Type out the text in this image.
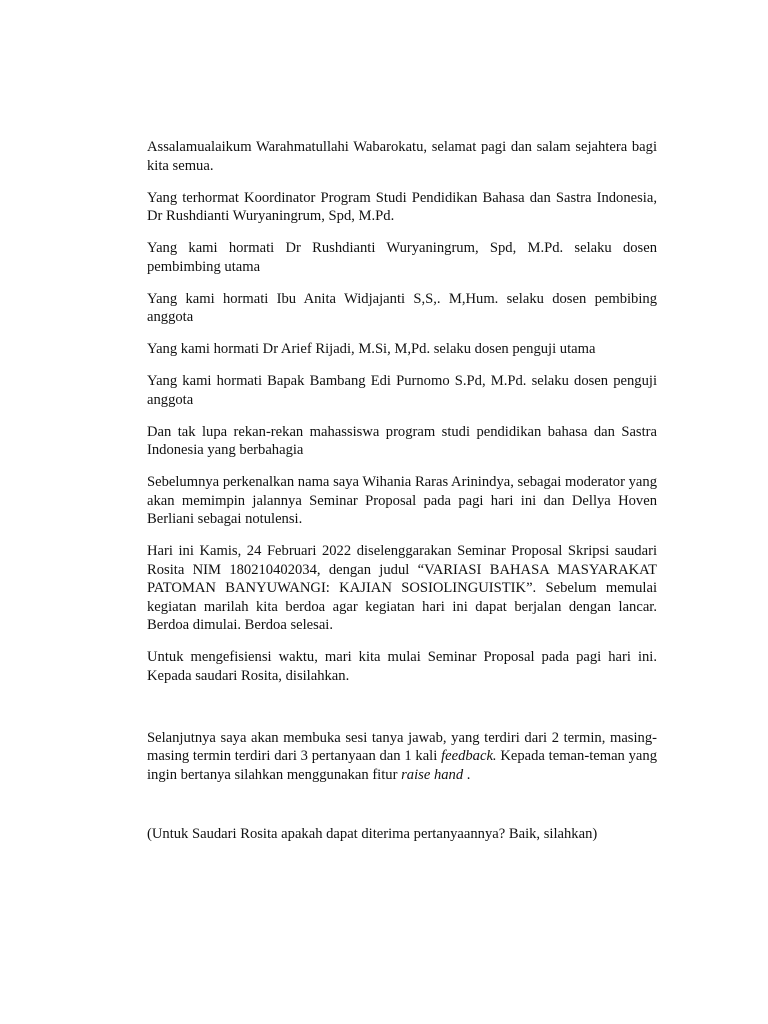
Assalamualaikum Warahmatullahi Wabarokatu, selamat pagi dan salam sejahtera bagi kita semua.

Yang terhormat Koordinator Program Studi Pendidikan Bahasa dan Sastra Indonesia, Dr Rushdianti Wuryaningrum, Spd, M.Pd.

Yang kami hormati Dr Rushdianti Wuryaningrum, Spd, M.Pd. selaku dosen pembimbing utama

Yang kami hormati Ibu Anita Widjajanti S,S,. M,Hum. selaku dosen pembibing anggota

Yang kami hormati Dr Arief Rijadi, M.Si, M,Pd. selaku dosen penguji utama

Yang kami hormati Bapak Bambang Edi Purnomo S.Pd, M.Pd. selaku dosen penguji anggota

Dan tak lupa rekan-rekan mahassiswa program studi pendidikan bahasa dan Sastra Indonesia yang berbahagia

Sebelumnya perkenalkan nama saya Wihania Raras Arinindya, sebagai moderator yang akan memimpin jalannya Seminar Proposal pada pagi hari ini dan Dellya Hoven Berliani sebagai notulensi.

Hari ini Kamis, 24 Februari 2022 diselenggarakan Seminar Proposal Skripsi saudari Rosita NIM 180210402034, dengan judul “VARIASI BAHASA MASYARAKAT PATOMAN BANYUWANGI: KAJIAN SOSIOLINGUISTIK”. Sebelum memulai kegiatan marilah kita berdoa agar kegiatan hari ini dapat berjalan dengan lancar. Berdoa dimulai. Berdoa selesai.

Untuk mengefisiensi waktu, mari kita mulai Seminar Proposal pada pagi hari ini. Kepada saudari Rosita, disilahkan.

Selanjutnya saya akan membuka sesi tanya jawab, yang terdiri dari 2 termin, masing-masing termin terdiri dari 3 pertanyaan dan 1 kali feedback. Kepada teman-teman yang ingin bertanya silahkan menggunakan fitur raise hand .

(Untuk Saudari Rosita apakah dapat diterima pertanyaannya? Baik, silahkan)
